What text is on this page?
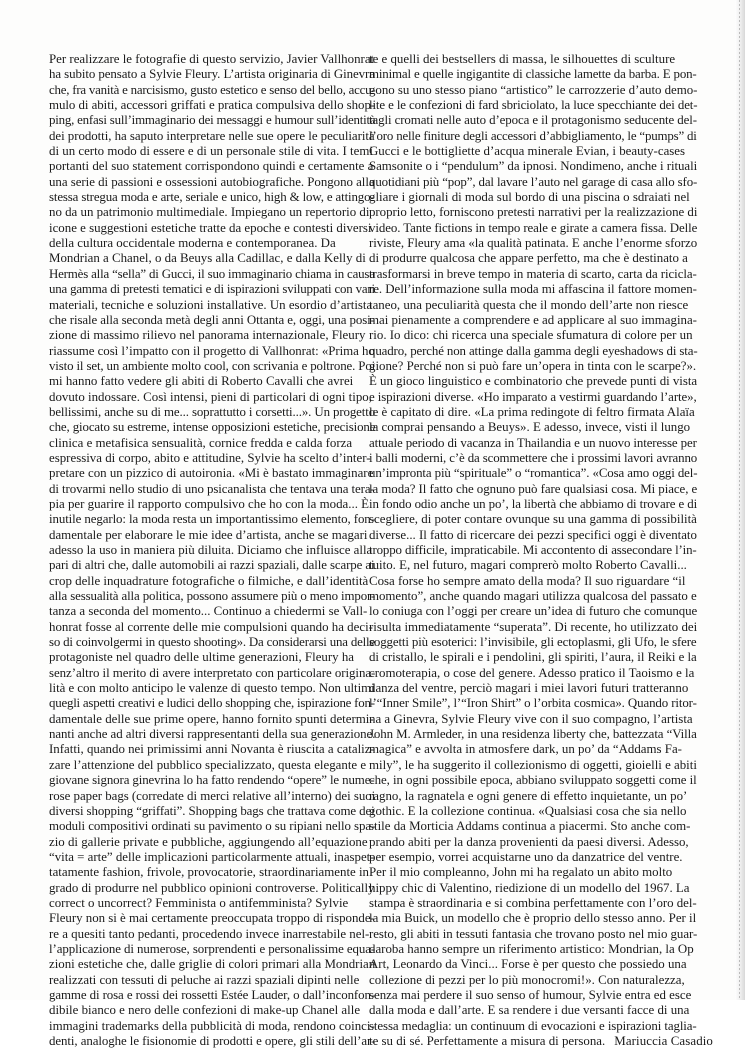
Per realizzare le fotografie di questo servizio, Javier Vallhonrat
ha subito pensato a Sylvie Fleury. L’artista originaria di Ginevra
che, fra vanità e narcisismo, gusto estetico e senso del bello, accu-
mulo di abiti, accessori griffati e pratica compulsiva dello shop-
ping, enfasi sull’immaginario dei messaggi e humour sull’identità
dei prodotti, ha saputo interpretare nelle sue opere le peculiarità
di un certo modo di essere e di un personale stile di vita. I temi
portanti del suo statement corrispondono quindi e certamente a
una serie di passioni e ossessioni autobiografiche. Pongono alla
stessa stregua moda e arte, seriale e unico, high & low, e attingo-
no da un patrimonio multimediale. Impiegano un repertorio di
icone e suggestioni estetiche tratte da epoche e contesti diversi
della cultura occidentale moderna e contemporanea. Da
Mondrian a Chanel, o da Beuys alla Cadillac, e dalla Kelly di
Hermès alla “sella” di Gucci, il suo immaginario chiama in causa
una gamma di pretesti tematici e di ispirazioni sviluppati con vari
materiali, tecniche e soluzioni installative. Un esordio d’artista
che risale alla seconda metà degli anni Ottanta e, oggi, una posi-
zione di massimo rilievo nel panorama internazionale, Fleury
riassume così l’impatto con il progetto di Vallhonrat: «Prima ho
visto il set, un ambiente molto cool, con scrivania e poltrone. Poi
mi hanno fatto vedere gli abiti di Roberto Cavalli che avrei
dovuto indossare. Così intensi, pieni di particolari di ogni tipo,
bellissimi, anche su di me... soprattutto i corsetti...». Un progetto
che, giocato su estreme, intense opposizioni estetiche, precisione
clinica e metafisica sensualità, cornice fredda e calda forza
espressiva di corpo, abito e attitudine, Sylvie ha scelto d’inter-
pretare con un pizzico di autoironia. «Mi è bastato immaginare
di trovarmi nello studio di uno psicanalista che tentava una tera-
pia per guarire il rapporto compulsivo che ho con la moda... È
inutile negarlo: la moda resta un importantissimo elemento, fon-
damentale per elaborare le mie idee d’artista, anche se magari
adesso la uso in maniera più diluita. Diciamo che influisce alla
pari di altri che, dalle automobili ai razzi spaziali, dalle scarpe ai
crop delle inquadrature fotografiche o filmiche, e dall’identità
alla sessualità alla politica, possono assumere più o meno impor-
tanza a seconda del momento... Continuo a chiedermi se Vall-
honrat fosse al corrente delle mie compulsioni quando ha deci-
so di coinvolgermi in questo shooting». Da considerarsi una delle
protagoniste nel quadro delle ultime generazioni, Fleury ha
senz’altro il merito di avere interpretato con particolare origina-
lità e con molto anticipo le valenze di questo tempo. Non ultimi
quegli aspetti creativi e ludici dello shopping che, ispirazione fon-
damentale delle sue prime opere, hanno fornito spunti determi-
nanti anche ad altri diversi rappresentanti della sua generazione.
Infatti, quando nei primissimi anni Novanta è riuscita a cataliz-
zare l’attenzione del pubblico specializzato, questa elegante e
giovane signora ginevrina lo ha fatto rendendo “opere” le nume-
rose paper bags (corredate di merci relative all’interno) dei suoi
diversi shopping “griffati”. Shopping bags che trattava come dei
moduli compositivi ordinati su pavimento o su ripiani nello spa-
zio di gallerie private e pubbliche, aggiungendo all’equazione
“vita = arte” delle implicazioni particolarmente attuali, inaspet-
tatamente fashion, frivole, provocatorie, straordinariamente in
grado di produrre nel pubblico opinioni controverse. Politically
correct o uncorrect? Femminista o antifemminista? Sylvie
Fleury non si è mai certamente preoccupata troppo di risponde-
re a quesiti tanto pedanti, procedendo invece inarrestabile nel-
l’applicazione di numerose, sorprendenti e personalissime equa-
zioni estetiche che, dalle griglie di colori primari alla Mondrian
realizzati con tessuti di peluche ai razzi spaziali dipinti nelle
gamme di rosa e rossi dei rossetti Estée Lauder, o dall’inconfon-
dibile bianco e nero delle confezioni di make-up Chanel alle
immagini trademarks della pubblicità di moda, rendono coinci-
denti, analoghe le fisionomie di prodotti e opere, gli stili dell’ar-
te e quelli dei bestsellers di massa, le silhouettes di sculture
minimal e quelle ingigantite di classiche lamette da barba. E pon-
gono su uno stesso piano “artistico” le carrozzerie d’auto demo-
lite e le confezioni di fard sbriciolato, la luce specchiante dei det-
tagli cromati nelle auto d’epoca e il protagonismo seducente del-
l’oro nelle finiture degli accessori d’abbigliamento, le “pumps” di
Gucci e le bottigliette d’acqua minerale Evian, i beauty-cases
Samsonite o i “pendulum” da ipnosi. Nondimeno, anche i rituali
quotidiani più “pop”, dal lavare l’auto nel garage di casa allo sfo-
gliare i giornali di moda sul bordo di una piscina o sdraiati nel
proprio letto, forniscono pretesti narrativi per la realizzazione di
video. Tante fictions in tempo reale e girate a camera fissa. Delle
riviste, Fleury ama «la qualità patinata. E anche l’enorme sforzo
di produrre qualcosa che appare perfetto, ma che è destinato a
trasformarsi in breve tempo in materia di scarto, carta da ricicla-
re. Dell’informazione sulla moda mi affascina il fattore momen-
taneo, una peculiarità questa che il mondo dell’arte non riesce
mai pienamente a comprendere e ad applicare al suo immagina-
rio. Io dico: chi ricerca una speciale sfumatura di colore per un
quadro, perché non attinge dalla gamma degli eyeshadows di sta-
gione? Perché non si può fare un’opera in tinta con le scarpe?».
È un gioco linguistico e combinatorio che prevede punti di vista
e ispirazioni diverse. «Ho imparato a vestirmi guardando l’arte»,
le è capitato di dire. «La prima redingote di feltro firmata Alaïa
la comprai pensando a Beuys». E adesso, invece, visti il lungo
attuale periodo di vacanza in Thailandia e un nuovo interesse per
i balli moderni, c’è da scommettere che i prossimi lavori avranno
un’impronta più “spirituale” o “romantica”. «Cosa amo oggi del-
la moda? Il fatto che ognuno può fare qualsiasi cosa. Mi piace, e
in fondo odio anche un po’, la libertà che abbiamo di trovare e di
scegliere, di poter contare ovunque su una gamma di possibilità
diverse... Il fatto di ricercare dei pezzi specifici oggi è diventato
troppo difficile, impraticabile. Mi accontento di assecondare l’in-
tuito. E, nel futuro, magari comprerò molto Roberto Cavalli...
Cosa forse ho sempre amato della moda? Il suo riguardare “il
momento”, anche quando magari utilizza qualcosa del passato e
lo coniuga con l’oggi per creare un’idea di futuro che comunque
risulta immediatamente “superata”. Di recente, ho utilizzato dei
soggetti più esoterici: l’invisibile, gli ectoplasmi, gli Ufo, le sfere
di cristallo, le spirali e i pendolini, gli spiriti, l’aura, il Reiki e la
cromoterapia, o cose del genere. Adesso pratico il Taoismo e la
danza del ventre, perciò magari i miei lavori futuri tratteranno
l’“Inner Smile”, l’“Iron Shirt” o l’orbita cosmica». Quando ritor-
na a Ginevra, Sylvie Fleury vive con il suo compagno, l’artista
John M. Armleder, in una residenza liberty che, battezzata “Villa
magica” e avvolta in atmosfere dark, un po’ da “Addams Fa-
mily”, le ha suggerito il collezionismo di oggetti, gioielli e abiti
che, in ogni possibile epoca, abbiano sviluppato soggetti come il
ragno, la ragnatela e ogni genere di effetto inquietante, un po’
gothic. E la collezione continua. «Qualsiasi cosa che sia nello
stile da Morticia Addams continua a piacermi. Sto anche com-
prando abiti per la danza provenienti da paesi diversi. Adesso,
per esempio, vorrei acquistarne uno da danzatrice del ventre.
Per il mio compleanno, John mi ha regalato un abito molto
hippy chic di Valentino, riedizione di un modello del 1967. La
stampa è straordinaria e si combina perfettamente con l’oro del-
la mia Buick, un modello che è proprio dello stesso anno. Per il
resto, gli abiti in tessuti fantasia che trovano posto nel mio guar-
daroba hanno sempre un riferimento artistico: Mondrian, la Op
Art, Leonardo da Vinci... Forse è per questo che possiedo una
collezione di pezzi per lo più monocromi!». Con naturalezza,
senza mai perdere il suo senso of humour, Sylvie entra ed esce
dalla moda e dall’arte. E sa rendere i due versanti facce di una
stessa medaglia: un continuum di evocazioni e ispirazioni taglia-
te su di sé. Perfettamente a misura di persona. Mariuccia Casadio
